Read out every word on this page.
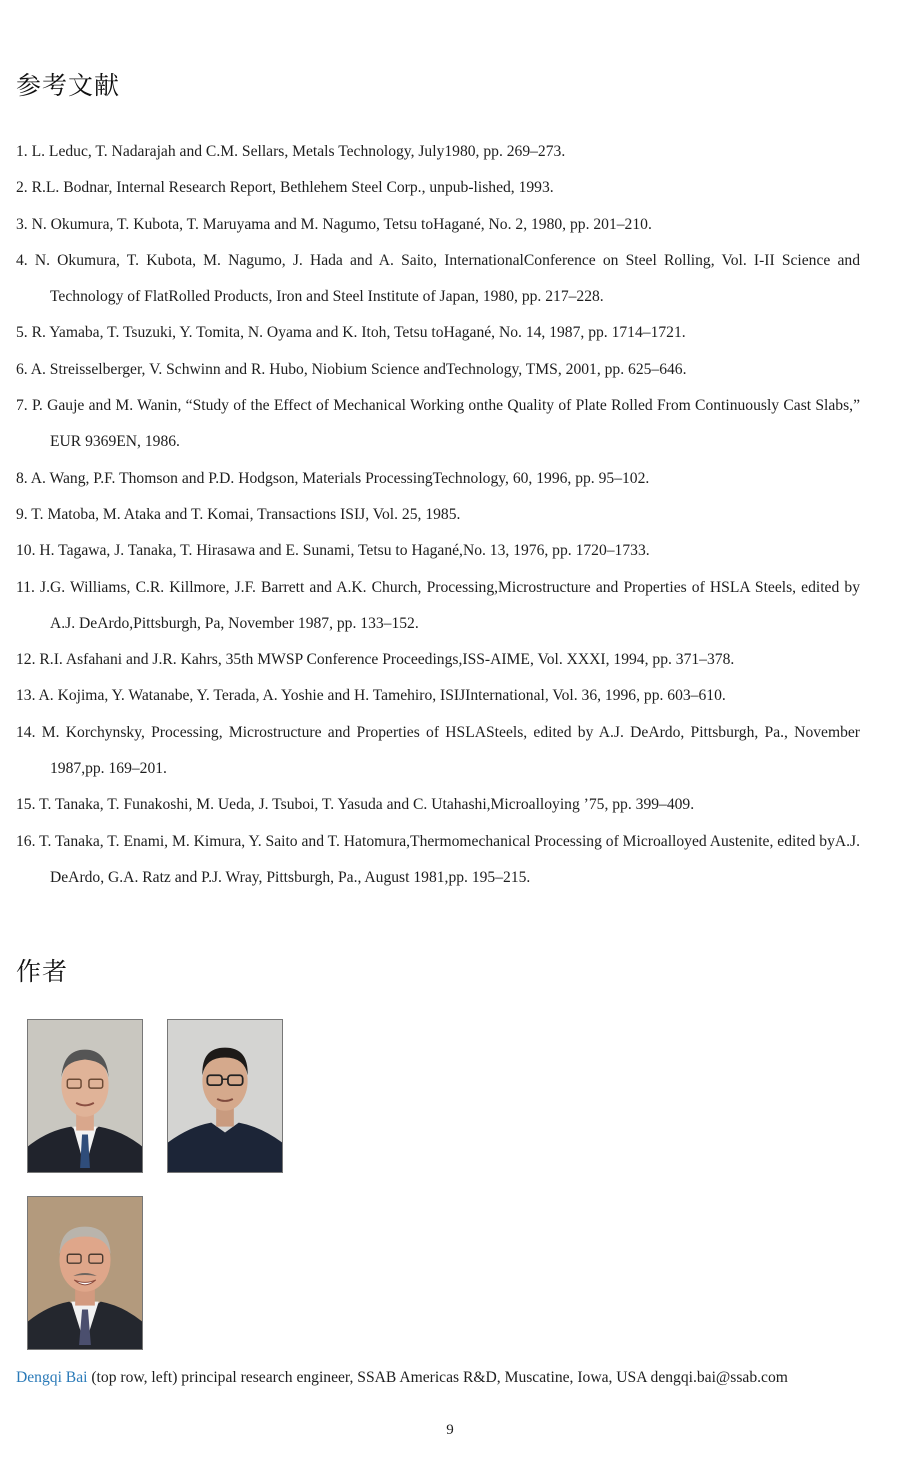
参考文献
1. L. Leduc, T. Nadarajah and C.M. Sellars, Metals Technology, July1980, pp. 269–273.
2. R.L. Bodnar, Internal Research Report, Bethlehem Steel Corp., unpub-lished, 1993.
3. N. Okumura, T. Kubota, T. Maruyama and M. Nagumo, Tetsu toHagané, No. 2, 1980, pp. 201–210.
4. N. Okumura, T. Kubota, M. Nagumo, J. Hada and A. Saito, InternationalConference on Steel Rolling, Vol. I-II Science and Technology of FlatRolled Products, Iron and Steel Institute of Japan, 1980, pp. 217–228.
5. R. Yamaba, T. Tsuzuki, Y. Tomita, N. Oyama and K. Itoh, Tetsu toHagané, No. 14, 1987, pp. 1714–1721.
6. A. Streisselberger, V. Schwinn and R. Hubo, Niobium Science andTechnology, TMS, 2001, pp. 625–646.
7. P. Gauje and M. Wanin, “Study of the Effect of Mechanical Working onthe Quality of Plate Rolled From Continuously Cast Slabs,” EUR 9369EN, 1986.
8. A. Wang, P.F. Thomson and P.D. Hodgson, Materials ProcessingTechnology, 60, 1996, pp. 95–102.
9. T. Matoba, M. Ataka and T. Komai, Transactions ISIJ, Vol. 25, 1985.
10. H. Tagawa, J. Tanaka, T. Hirasawa and E. Sunami, Tetsu to Hagané,No. 13, 1976, pp. 1720–1733.
11. J.G. Williams, C.R. Killmore, J.F. Barrett and A.K. Church, Processing,Microstructure and Properties of HSLA Steels, edited by A.J. DeArdo,Pittsburgh, Pa, November 1987, pp. 133–152.
12. R.I. Asfahani and J.R. Kahrs, 35th MWSP Conference Proceedings,ISS-AIME, Vol. XXXI, 1994, pp. 371–378.
13. A. Kojima, Y. Watanabe, Y. Terada, A. Yoshie and H. Tamehiro, ISIJInternational, Vol. 36, 1996, pp. 603–610.
14. M. Korchynsky, Processing, Microstructure and Properties of HSLASteels, edited by A.J. DeArdo, Pittsburgh, Pa., November 1987,pp. 169–201.
15. T. Tanaka, T. Funakoshi, M. Ueda, J. Tsuboi, T. Yasuda and C. Utahashi,Microalloying ’75, pp. 399–409.
16. T. Tanaka, T. Enami, M. Kimura, Y. Saito and T. Hatomura,Thermomechanical Processing of Microalloyed Austenite, edited byA.J. DeArdo, G.A. Ratz and P.J. Wray, Pittsburgh, Pa., August 1981,pp. 195–215.
作者

Dengqi Bai (top row, left) principal research engineer, SSAB Americas R&D, Muscatine, Iowa, USA dengqi.bai@ssab.com

9
